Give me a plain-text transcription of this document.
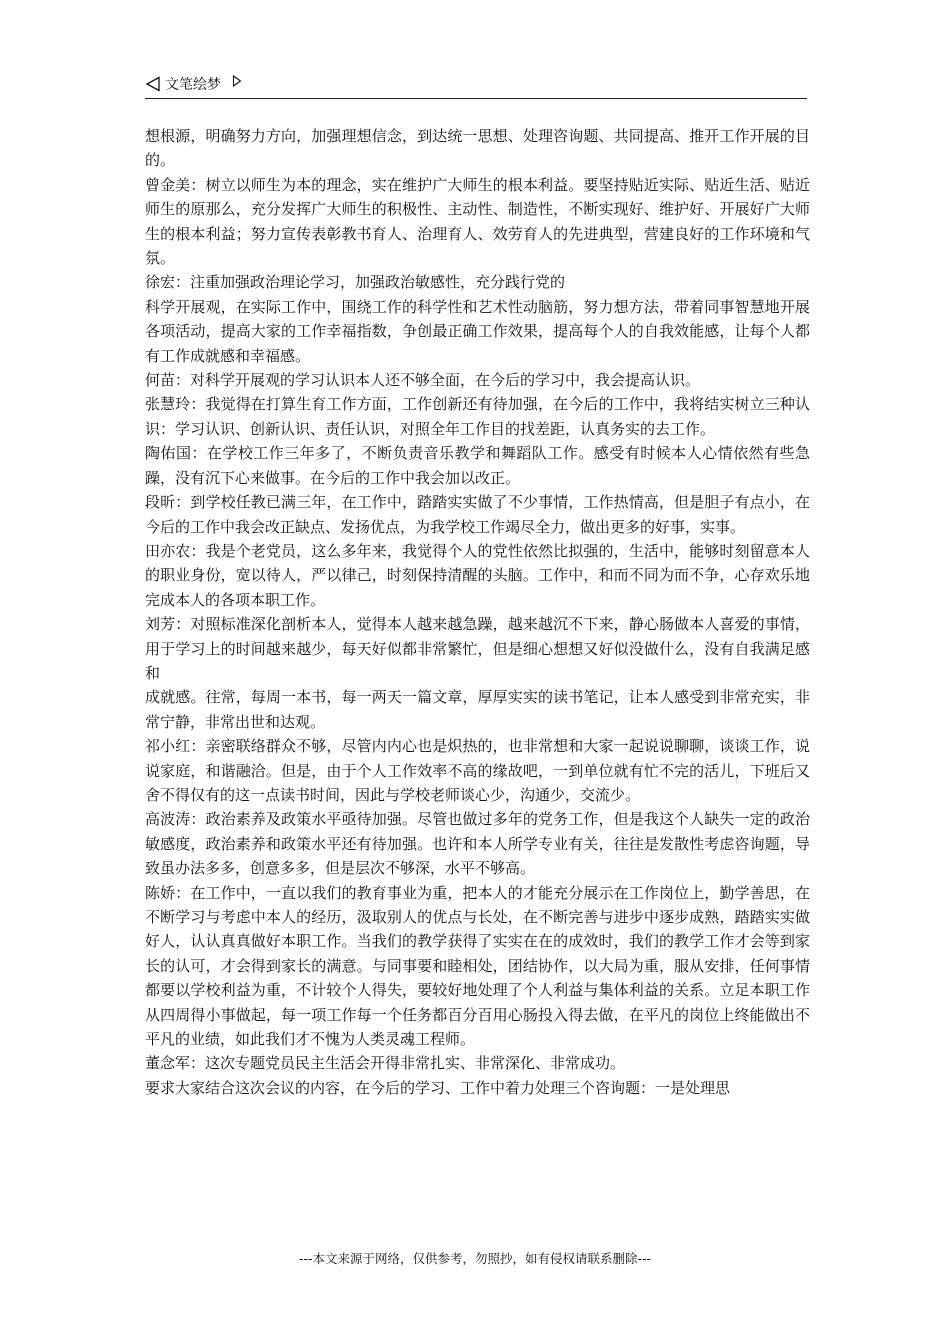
文笔绘梦

想根源，明确努力方向，加强理想信念，到达统一思想、处理咨询题、共同提高、推开工作开展的目的。

曾金美：树立以师生为本的理念，实在维护广大师生的根本利益。要坚持贴近实际、贴近生活、贴近师生的原那么，充分发挥广大师生的积极性、主动性、制造性，不断实现好、维护好、开展好广大师生的根本利益；努力宣传表彰教书育人、治理育人、效劳育人的先进典型，营建良好的工作环境和气氛。

徐宏：注重加强政治理论学习，加强政治敏感性，充分践行党的

科学开展观，在实际工作中，围绕工作的科学性和艺术性动脑筋，努力想方法，带着同事智慧地开展各项活动，提高大家的工作幸福指数，争创最正确工作效果，提高每个人的自我效能感，让每个人都有工作成就感和幸福感。

何苗：对科学开展观的学习认识本人还不够全面，在今后的学习中，我会提高认识。

张慧玲：我觉得在打算生育工作方面，工作创新还有待加强，在今后的工作中，我将结实树立三种认识：学习认识、创新认识、责任认识，对照全年工作目的找差距，认真务实的去工作。

陶佑国：在学校工作三年多了，不断负责音乐教学和舞蹈队工作。感受有时候本人心情依然有些急躁，没有沉下心来做事。在今后的工作中我会加以改正。

段昕：到学校任教已满三年，在工作中，踏踏实实做了不少事情，工作热情高，但是胆子有点小，在今后的工作中我会改正缺点、发扬优点，为我学校工作竭尽全力，做出更多的好事，实事。

田亦农：我是个老党员，这么多年来，我觉得个人的党性依然比拟强的，生活中，能够时刻留意本人的职业身份，宽以待人，严以律己，时刻保持清醒的头脑。工作中，和而不同为而不争，心存欢乐地完成本人的各项本职工作。

刘芳：对照标准深化剖析本人，觉得本人越来越急躁，越来越沉不下来，静心肠做本人喜爱的事情，用于学习上的时间越来越少，每天好似都非常繁忙，但是细心想想又好似没做什么，没有自我满足感和

成就感。往常，每周一本书，每一两天一篇文章，厚厚实实的读书笔记，让本人感受到非常充实，非常宁静，非常出世和达观。

祁小红：亲密联络群众不够，尽管内内心也是炽热的，也非常想和大家一起说说聊聊，谈谈工作，说说家庭，和谐融洽。但是，由于个人工作效率不高的缘故吧，一到单位就有忙不完的活儿，下班后又舍不得仅有的这一点读书时间，因此与学校老师谈心少，沟通少，交流少。

高波涛：政治素养及政策水平亟待加强。尽管也做过多年的党务工作，但是我这个人缺失一定的政治敏感度，政治素养和政策水平还有待加强。也许和本人所学专业有关，往往是发散性考虑咨询题，导致虽办法多多，创意多多，但是层次不够深，水平不够高。

陈娇：在工作中，一直以我们的教育事业为重，把本人的才能充分展示在工作岗位上，勤学善思，在不断学习与考虑中本人的经历，汲取别人的优点与长处，在不断完善与进步中逐步成熟，踏踏实实做好人，认认真真做好本职工作。当我们的教学获得了实实在在的成效时，我们的教学工作才会等到家长的认可，才会得到家长的满意。与同事要和睦相处，团结协作，以大局为重，服从安排，任何事情都要以学校利益为重，不计较个人得失，要较好地处理了个人利益与集体利益的关系。立足本职工作从四周得小事做起，每一项工作每一个任务都百分百用心肠投入得去做，在平凡的岗位上终能做出不平凡的业绩，如此我们才不愧为人类灵魂工程师。

董念军：这次专题党员民主生活会开得非常扎实、非常深化、非常成功。

要求大家结合这次会议的内容，在今后的学习、工作中着力处理三个咨询题：一是处理思

---本文来源于网络，仅供参考，勿照抄，如有侵权请联系删除---
